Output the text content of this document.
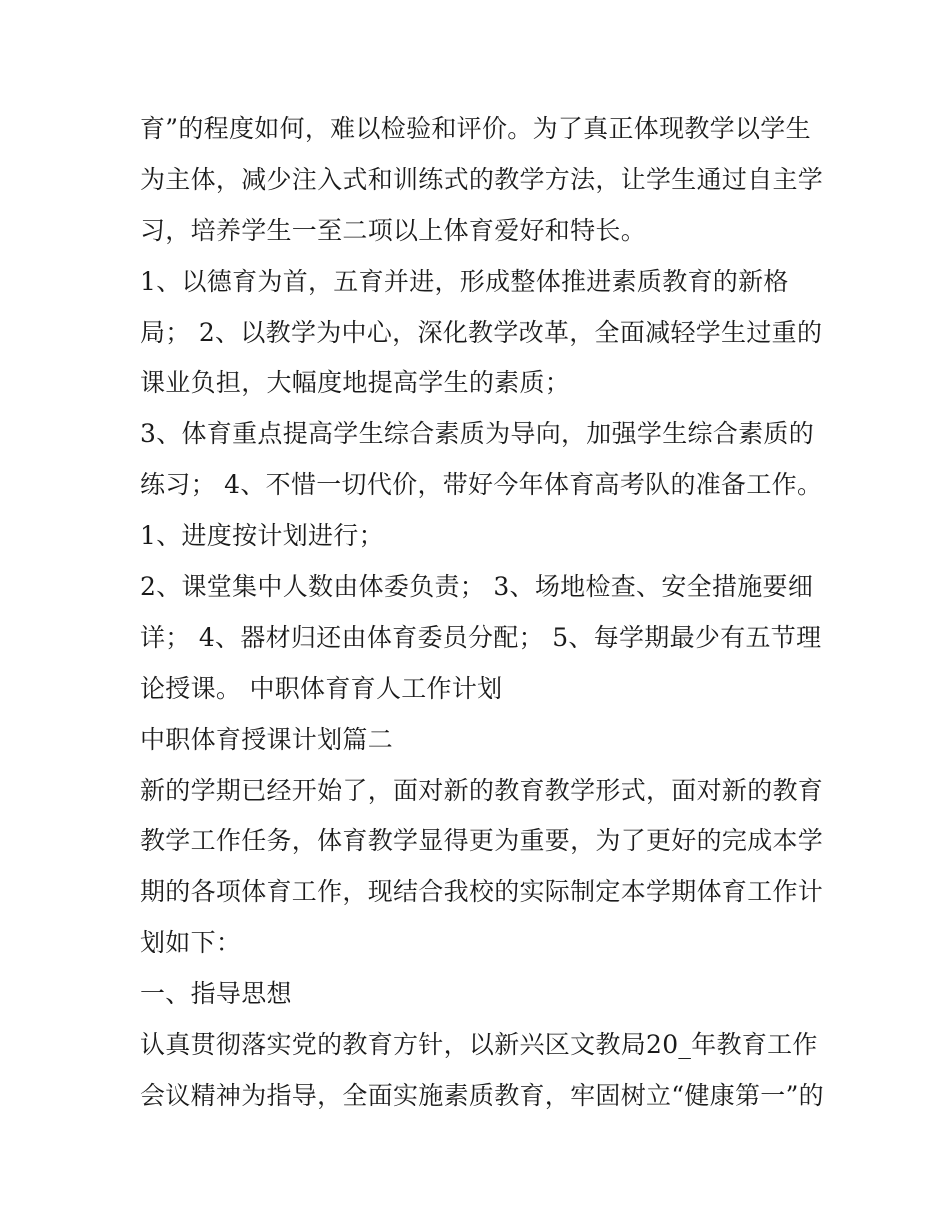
育”的程度如何，难以检验和评价。为了真正体现教学以学生
为主体，减少注入式和训练式的教学方法，让学生通过自主学
习，培养学生一至二项以上体育爱好和特长。
1、以德育为首，五育并进，形成整体推进素质教育的新格
局； 2、以教学为中心，深化教学改革，全面减轻学生过重的
课业负担，大幅度地提高学生的素质；
3、体育重点提高学生综合素质为导向，加强学生综合素质的
练习； 4、不惜一切代价，带好今年体育高考队的准备工作。
1、进度按计划进行；
2、课堂集中人数由体委负责； 3、场地检查、安全措施要细
详； 4、器材归还由体育委员分配； 5、每学期最少有五节理
论授课。 中职体育育人工作计划
中职体育授课计划篇二
新的学期已经开始了，面对新的教育教学形式，面对新的教育
教学工作任务，体育教学显得更为重要，为了更好的完成本学
期的各项体育工作，现结合我校的实际制定本学期体育工作计
划如下：
一、指导思想
认真贯彻落实党的教育方针，以新兴区文教局20_年教育工作
会议精神为指导，全面实施素质教育，牢固树立“健康第一”的
